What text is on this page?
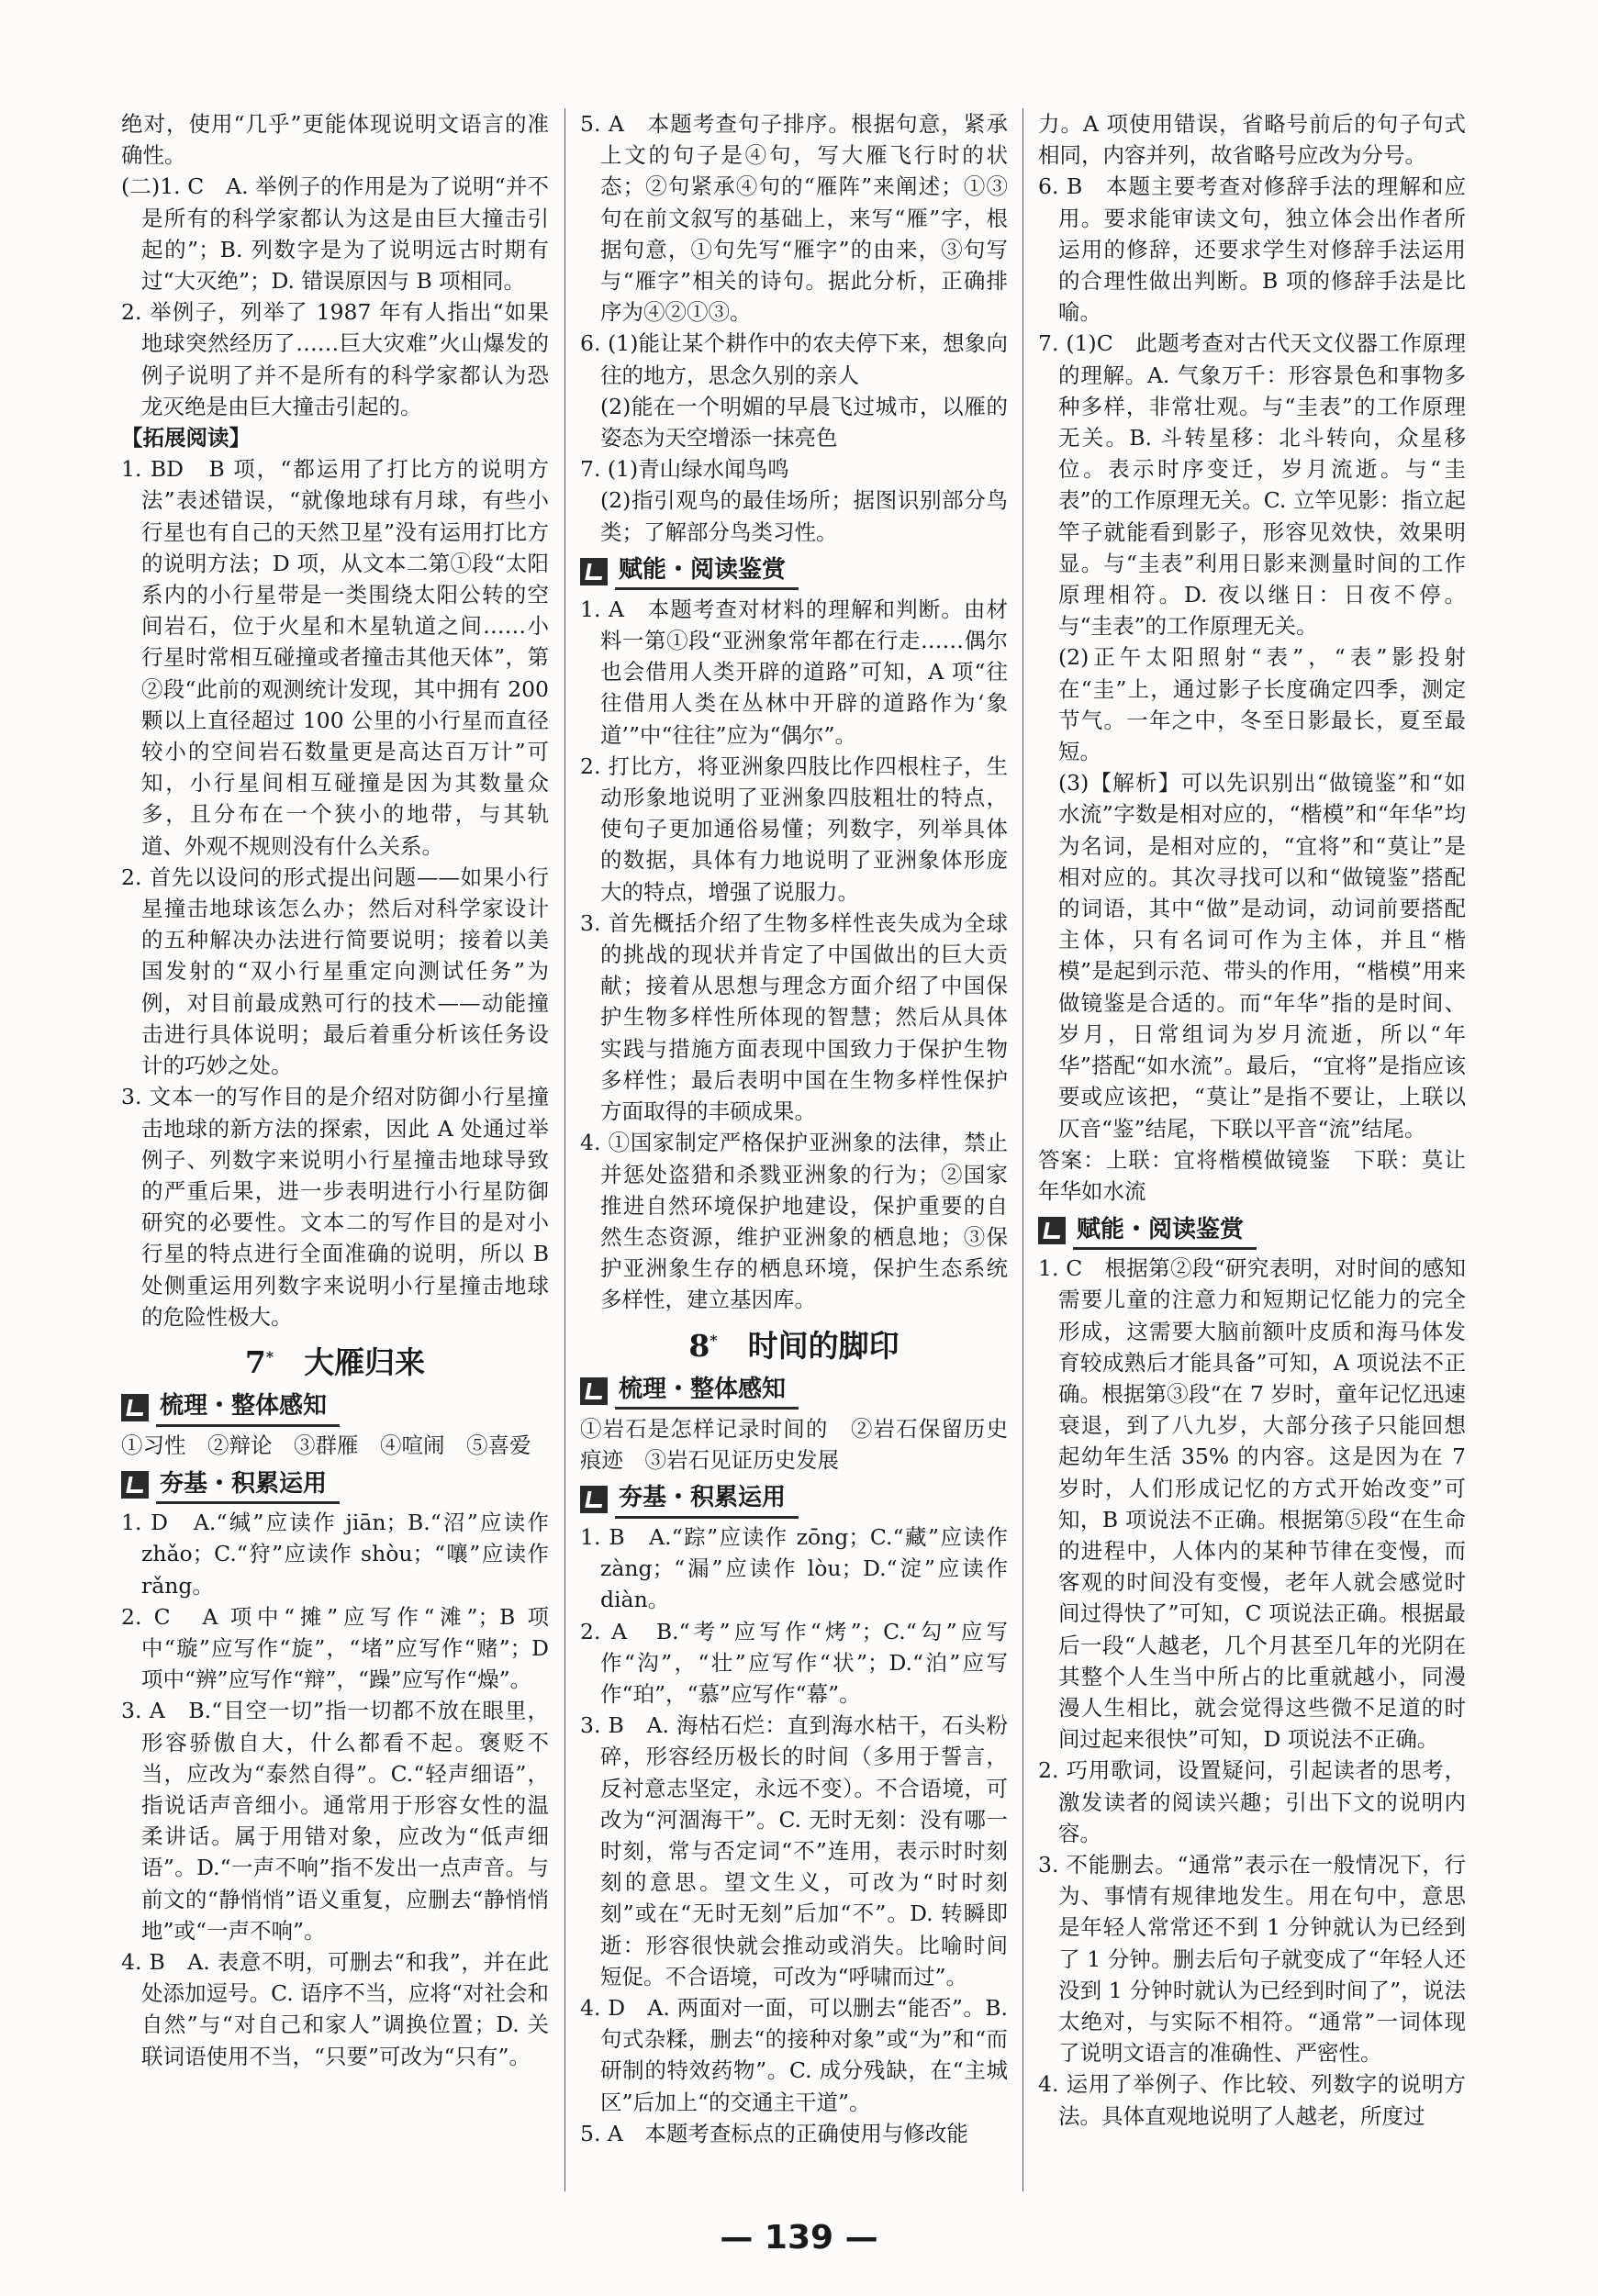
绝对，使用“几乎”更能体现说明文语言的准确性。

(二)1. C　A. 举例子的作用是为了说明“并不是所有的科学家都认为这是由巨大撞击引起的”；B. 列数字是为了说明远古时期有过“大灭绝”；D. 错误原因与 B 项相同。

2. 举例子，列举了 1987 年有人指出“如果地球突然经历了……巨大灾难”火山爆发的例子说明了并不是所有的科学家都认为恐龙灭绝是由巨大撞击引起的。

【拓展阅读】

1. BD　B 项，“都运用了打比方的说明方法”表述错误，“就像地球有月球，有些小行星也有自己的天然卫星”没有运用打比方的说明方法；D 项，从文本二第①段“太阳系内的小行星带是一类围绕太阳公转的空间岩石，位于火星和木星轨道之间……小行星时常相互碰撞或者撞击其他天体”，第②段“此前的观测统计发现，其中拥有 200 颗以上直径超过 100 公里的小行星而直径较小的空间岩石数量更是高达百万计”可知，小行星间相互碰撞是因为其数量众多，且分布在一个狭小的地带，与其轨道、外观不规则没有什么关系。

2. 首先以设问的形式提出问题——如果小行星撞击地球该怎么办；然后对科学家设计的五种解决办法进行简要说明；接着以美国发射的“双小行星重定向测试任务”为例，对目前最成熟可行的技术——动能撞击进行具体说明；最后着重分析该任务设计的巧妙之处。

3. 文本一的写作目的是介绍对防御小行星撞击地球的新方法的探索，因此 A 处通过举例子、列数字来说明小行星撞击地球导致的严重后果，进一步表明进行小行星防御研究的必要性。文本二的写作目的是对小行星的特点进行全面准确的说明，所以 B 处侧重运用列数字来说明小行星撞击地球的危险性极大。

7*　 大雁归来
梳理・整体感知

①习性　②辩论　③群雁　④喧闹　⑤喜爱

夯基・积累运用

1. D　A.“缄”应读作 jiān；B.“沼”应读作 zhǎo；C.“狩”应读作 shòu；“嚷”应读作 rǎng。

2. C　A 项中“摊”应写作“滩”；B 项中“璇”应写作“旋”，“堵”应写作“赌”；D 项中“辨”应写作“辩”，“躁”应写作“燥”。

3. A　B.“目空一切”指一切都不放在眼里，形容骄傲自大，什么都看不起。褒贬不当，应改为“泰然自得”。C.“轻声细语”，指说话声音细小。通常用于形容女性的温柔讲话。属于用错对象，应改为“低声细语”。D.“一声不响”指不发出一点声音。与前文的“静悄悄”语义重复，应删去“静悄悄地”或“一声不响”。

4. B　A. 表意不明，可删去“和我”，并在此处添加逗号。C. 语序不当，应将“对社会和自然”与“对自己和家人”调换位置；D. 关联词语使用不当，“只要”可改为“只有”。

5. A　本题考查句子排序。根据句意，紧承上文的句子是④句，写大雁飞行时的状态；②句紧承④句的“雁阵”来阐述；①③句在前文叙写的基础上，来写“雁”字，根据句意，①句先写“雁字”的由来，③句写与“雁字”相关的诗句。据此分析，正确排序为④②①③。

6. (1)能让某个耕作中的农夫停下来，想象向往的地方，思念久别的亲人

(2)能在一个明媚的早晨飞过城市，以雁的姿态为天空增添一抹亮色

7. (1)青山绿水闻鸟鸣

(2)指引观鸟的最佳场所；据图识别部分鸟类；了解部分鸟类习性。

赋能・阅读鉴赏

1. A　本题考查对材料的理解和判断。由材料一第①段“亚洲象常年都在行走……偶尔也会借用人类开辟的道路”可知，A 项“往往借用人类在丛林中开辟的道路作为‘象道’”中“往往”应为“偶尔”。

2. 打比方，将亚洲象四肢比作四根柱子，生动形象地说明了亚洲象四肢粗壮的特点，使句子更加通俗易懂；列数字，列举具体的数据，具体有力地说明了亚洲象体形庞大的特点，增强了说服力。

3. 首先概括介绍了生物多样性丧失成为全球的挑战的现状并肯定了中国做出的巨大贡献；接着从思想与理念方面介绍了中国保护生物多样性所体现的智慧；然后从具体实践与措施方面表现中国致力于保护生物多样性；最后表明中国在生物多样性保护方面取得的丰硕成果。

4. ①国家制定严格保护亚洲象的法律，禁止并惩处盗猎和杀戮亚洲象的行为；②国家推进自然环境保护地建设，保护重要的自然生态资源，维护亚洲象的栖息地；③保护亚洲象生存的栖息环境，保护生态系统多样性，建立基因库。

8*　 时间的脚印
梳理・整体感知

①岩石是怎样记录时间的　②岩石保留历史痕迹　③岩石见证历史发展

夯基・积累运用

1. B　A.“踪”应读作 zōng；C.“藏”应读作 zàng；“漏”应读作 lòu；D.“淀”应读作 diàn。

2. A　B.“考”应写作“烤”；C.“勾”应写作“沟”，“壮”应写作“状”；D.“泊”应写作“珀”，“慕”应写作“幕”。

3. B　A. 海枯石烂：直到海水枯干，石头粉碎，形容经历极长的时间（多用于誓言，反衬意志坚定，永远不变）。不合语境，可改为“河涸海干”。C. 无时无刻：没有哪一时刻，常与否定词“不”连用，表示时时刻刻的意思。望文生义，可改为“时时刻刻”或在“无时无刻”后加“不”。D. 转瞬即逝：形容很快就会推动或消失。比喻时间短促。不合语境，可改为“呼啸而过”。

4. D　A. 两面对一面，可以删去“能否”。B. 句式杂糅，删去“的接种对象”或“为”和“而研制的特效药物”。C. 成分残缺，在“主城区”后加上“的交通主干道”。

5. A　本题考查标点的正确使用与修改能

力。A 项使用错误，省略号前后的句子句式相同，内容并列，故省略号应改为分号。

6. B　本题主要考查对修辞手法的理解和应用。要求能审读文句，独立体会出作者所运用的修辞，还要求学生对修辞手法运用的合理性做出判断。B 项的修辞手法是比喻。

7. (1)C　此题考查对古代天文仪器工作原理的理解。A. 气象万千：形容景色和事物多种多样，非常壮观。与“圭表”的工作原理无关。B. 斗转星移：北斗转向，众星移位。表示时序变迁，岁月流逝。与“圭表”的工作原理无关。C. 立竿见影：指立起竿子就能看到影子，形容见效快，效果明显。与“圭表”利用日影来测量时间的工作原理相符。D. 夜以继日：日夜不停。与“圭表”的工作原理无关。

(2)正午太阳照射“表”，“表”影投射在“圭”上，通过影子长度确定四季，测定节气。一年之中，冬至日影最长，夏至最短。

(3)【解析】可以先识别出“做镜鉴”和“如水流”字数是相对应的，“楷模”和“年华”均为名词，是相对应的，“宜将”和“莫让”是相对应的。其次寻找可以和“做镜鉴”搭配的词语，其中“做”是动词，动词前要搭配主体，只有名词可作为主体，并且“楷模”是起到示范、带头的作用，“楷模”用来做镜鉴是合适的。而“年华”指的是时间、岁月，日常组词为岁月流逝，所以“年华”搭配“如水流”。最后，“宜将”是指应该要或应该把，“莫让”是指不要让，上联以仄音“鉴”结尾，下联以平音“流”结尾。

答案：上联：宜将楷模做镜鉴　下联：莫让年华如水流

赋能・阅读鉴赏

1. C　根据第②段“研究表明，对时间的感知需要儿童的注意力和短期记忆能力的完全形成，这需要大脑前额叶皮质和海马体发育较成熟后才能具备”可知，A 项说法不正确。根据第③段“在 7 岁时，童年记忆迅速衰退，到了八九岁，大部分孩子只能回想起幼年生活 35% 的内容。这是因为在 7 岁时，人们形成记忆的方式开始改变”可知，B 项说法不正确。根据第⑤段“在生命的进程中，人体内的某种节律在变慢，而客观的时间没有变慢，老年人就会感觉时间过得快了”可知，C 项说法正确。根据最后一段“人越老，几个月甚至几年的光阴在其整个人生当中所占的比重就越小，同漫漫人生相比，就会觉得这些微不足道的时间过起来很快”可知，D 项说法不正确。

2. 巧用歌词，设置疑问，引起读者的思考，激发读者的阅读兴趣；引出下文的说明内容。

3. 不能删去。“通常”表示在一般情况下，行为、事情有规律地发生。用在句中，意思是年轻人常常还不到 1 分钟就认为已经到了 1 分钟。删去后句子就变成了“年轻人还没到 1 分钟时就认为已经到时间了”，说法太绝对，与实际不相符。“通常”一词体现了说明文语言的准确性、严密性。

4. 运用了举例子、作比较、列数字的说明方法。具体直观地说明了人越老，所度过

— 139 —
